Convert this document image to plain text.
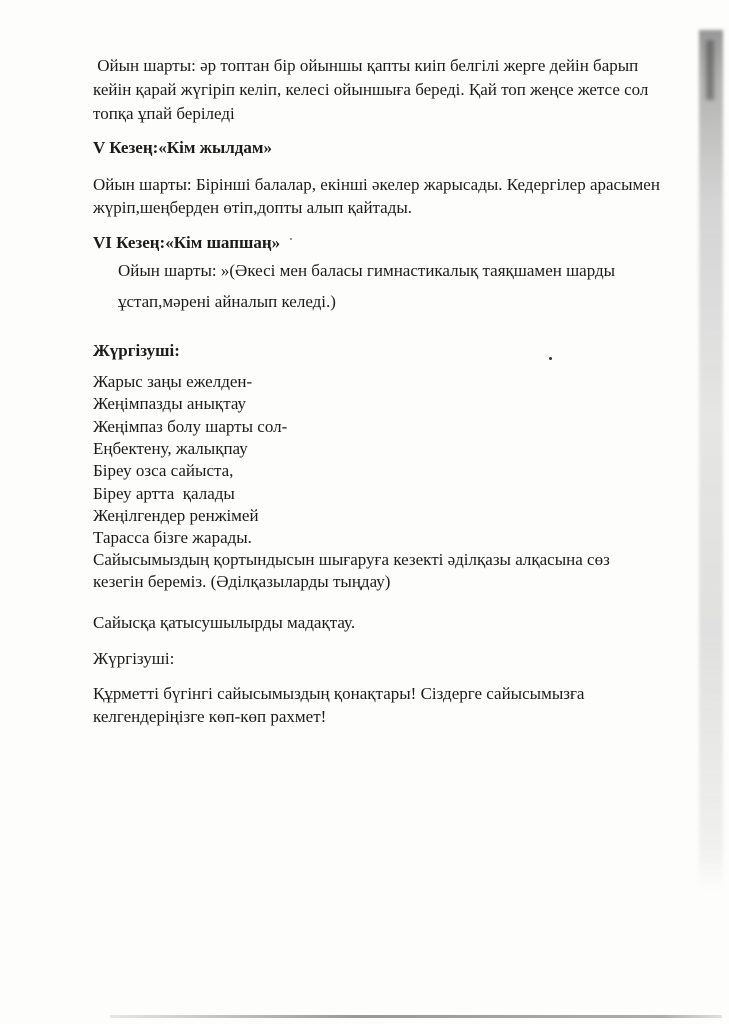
Ойын шарты: әр топтан бір ойыншы қапты киіп белгілі жерге дейін барып
кейін қарай жүгіріп келіп, келесі ойыншыға береді. Қай топ жеңсе жетсе сол
топқа ұпай беріледі
V Кезең:«Кім жылдам»
Ойын шарты: Бірінші балалар, екінші әкелер жарысады. Кедергілер арасымен
жүріп,шеңберден өтіп,допты алып қайтады.
VI Кезең:«Кім шапшаң»
Ойын шарты: »(Әкесі мен баласы гимнастикалық таяқшамен шарды
ұстап,мәрені айналып келеді.)
Жүргізуші:
Жарыс заңы ежелден-
Жеңімпазды анықтау
Жеңімпаз болу шарты сол-
Еңбектену, жалықпау
Біреу озса сайыста,
Біреу артта  қалады
Жеңілгендер ренжімей
Тарасса бізге жарады.
Сайысымыздың қортындысын шығаруға кезекті әділқазы алқасына сөз
кезегін береміз. (Әділқазыларды тыңдау)
Сайысқа қатысушылырды мадақтау.
Жүргізуші:
Құрметті бүгінгі сайысымыздың қонақтары! Сіздерге сайысымызға
келгендеріңізге көп-көп рахмет!
